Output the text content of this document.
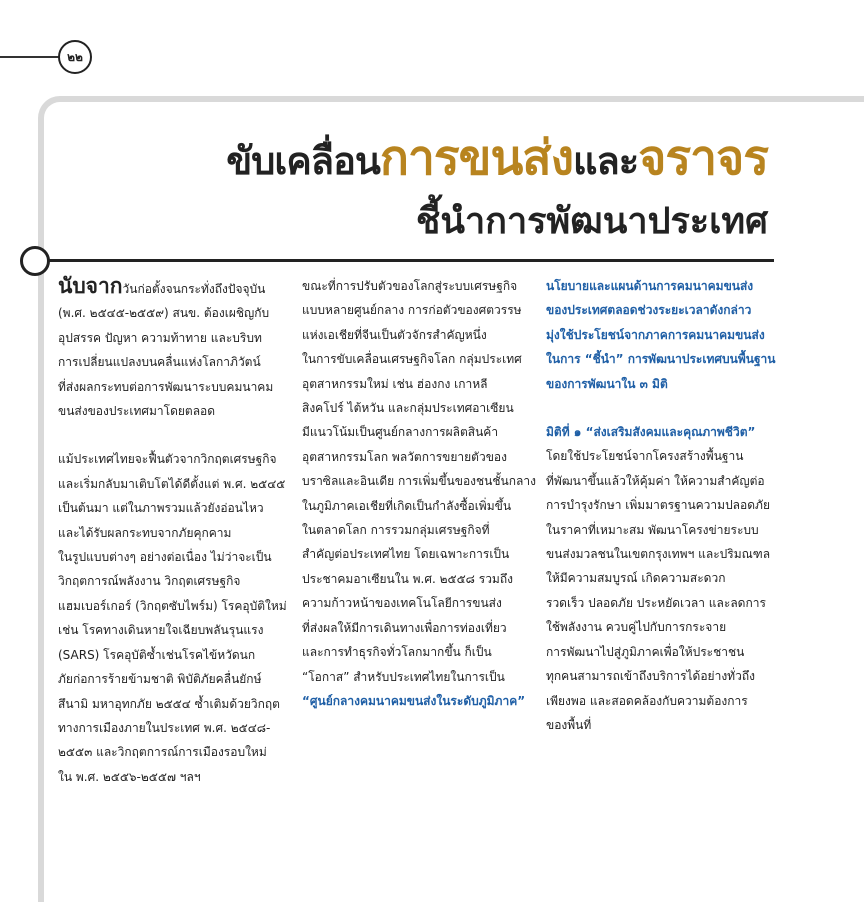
๒๒
ขับเคลื่อนการขนส่งและจราจร
ชี้นำการพัฒนาประเทศ

นับจากวันก่อตั้งจนกระทั่งถึงปัจจุบัน

(พ.ศ. ๒๕๔๕-๒๕๕๙) สนข. ต้องเผชิญกับ

อุปสรรค ปัญหา ความท้าทาย และบริบท

การเปลี่ยนแปลงบนคลื่นแห่งโลกาภิวัตน์

ที่ส่งผลกระทบต่อการพัฒนาระบบคมนาคม

ขนส่งของประเทศมาโดยตลอด

แม้ประเทศไทยจะฟื้นตัวจากวิกฤตเศรษฐกิจ

และเริ่มกลับมาเติบโตได้ดีตั้งแต่ พ.ศ. ๒๕๔๕

เป็นต้นมา แต่ในภาพรวมแล้วยังอ่อนไหว

และได้รับผลกระทบจากภัยคุกคาม

ในรูปแบบต่างๆ อย่างต่อเนื่อง ไม่ว่าจะเป็น

วิกฤตการณ์พลังงาน วิกฤตเศรษฐกิจ

แฮมเบอร์เกอร์ (วิกฤตซับไพร์ม) โรคอุบัติใหม่

เช่น โรคทางเดินหายใจเฉียบพลันรุนแรง

(SARS) โรคอุบัติซ้ำเช่นโรคไข้หวัดนก

ภัยก่อการร้ายข้ามชาติ พิบัติภัยคลื่นยักษ์

สึนามิ มหาอุทกภัย ๒๕๕๔ ซ้ำเติมด้วยวิกฤต

ทางการเมืองภายในประเทศ พ.ศ. ๒๕๔๘-

๒๕๕๓ และวิกฤตการณ์การเมืองรอบใหม่

ใน พ.ศ. ๒๕๕๖-๒๕๕๗ ฯลฯ

ขณะที่การปรับตัวของโลกสู่ระบบเศรษฐกิจ

แบบหลายศูนย์กลาง การก่อตัวของศตวรรษ

แห่งเอเชียที่จีนเป็นตัวจักรสำคัญหนึ่ง

ในการขับเคลื่อนเศรษฐกิจโลก กลุ่มประเทศ

อุตสาหกรรมใหม่ เช่น ฮ่องกง เกาหลี

สิงคโปร์ ไต้หวัน และกลุ่มประเทศอาเซียน

มีแนวโน้มเป็นศูนย์กลางการผลิตสินค้า

อุตสาหกรรมโลก พลวัตการขยายตัวของ

บราซิลและอินเดีย การเพิ่มขึ้นของชนชั้นกลาง

ในภูมิภาคเอเชียที่เกิดเป็นกำลังซื้อเพิ่มขึ้น

ในตลาดโลก การรวมกลุ่มเศรษฐกิจที่

สำคัญต่อประเทศไทย โดยเฉพาะการเป็น

ประชาคมอาเซียนใน พ.ศ. ๒๕๕๘ รวมถึง

ความก้าวหน้าของเทคโนโลยีการขนส่ง

ที่ส่งผลให้มีการเดินทางเพื่อการท่องเที่ยว

และการทำธุรกิจทั่วโลกมากขึ้น ก็เป็น

“โอกาส” สำหรับประเทศไทยในการเป็น

“ศูนย์กลางคมนาคมขนส่งในระดับภูมิภาค”

นโยบายและแผนด้านการคมนาคมขนส่ง

ของประเทศตลอดช่วงระยะเวลาดังกล่าว

มุ่งใช้ประโยชน์จากภาคการคมนาคมขนส่ง

ในการ “ชี้นำ” การพัฒนาประเทศบนพื้นฐาน

ของการพัฒนาใน ๓ มิติ

มิติที่ ๑ “ส่งเสริมสังคมและคุณภาพชีวิต”

โดยใช้ประโยชน์จากโครงสร้างพื้นฐาน

ที่พัฒนาขึ้นแล้วให้คุ้มค่า ให้ความสำคัญต่อ

การบำรุงรักษา เพิ่มมาตรฐานความปลอดภัย

ในราคาที่เหมาะสม พัฒนาโครงข่ายระบบ

ขนส่งมวลชนในเขตกรุงเทพฯ และปริมณฑล

ให้มีความสมบูรณ์ เกิดความสะดวก

รวดเร็ว ปลอดภัย ประหยัดเวลา และลดการ

ใช้พลังงาน ควบคู่ไปกับการกระจาย

การพัฒนาไปสู่ภูมิภาคเพื่อให้ประชาชน

ทุกคนสามารถเข้าถึงบริการได้อย่างทั่วถึง

เพียงพอ และสอดคล้องกับความต้องการ

ของพื้นที่
